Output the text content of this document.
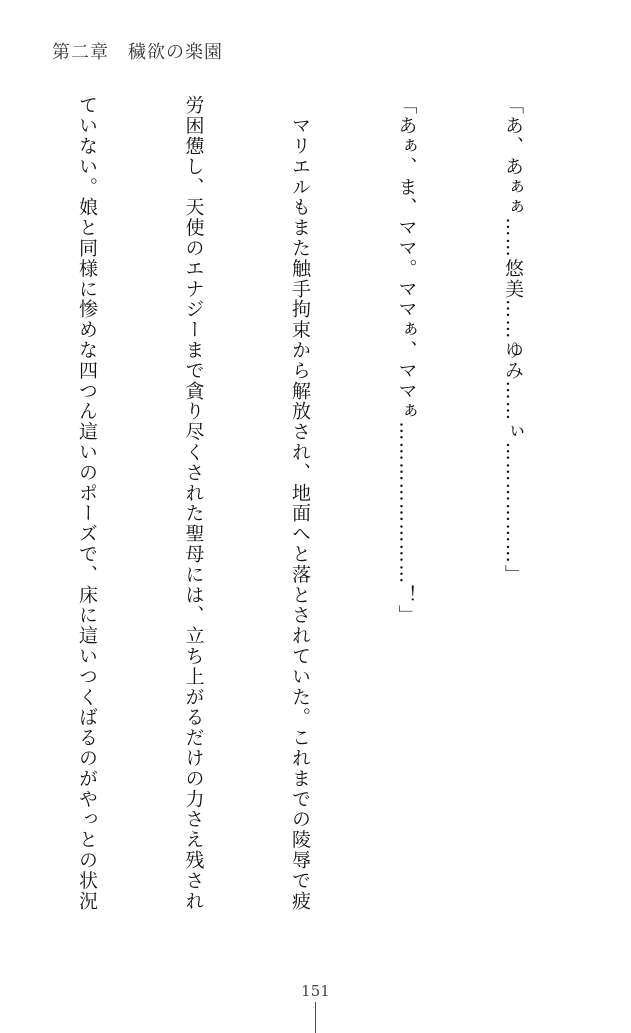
第二章　穢欲の楽園

「あ、あぁぁ……悠美……ゆみ……ぃ………………」

「あぁ、ま、ママ。ママぁ、ママぁ……………………！」

　マリエルもまた触手拘束から解放され、地面へと落とされていた。これまでの陵辱で疲

労困憊し、天使のエナジーまで貪り尽くされた聖母には、立ち上がるだけの力さえ残され

ていない。娘と同様に惨めな四つん這いのポーズで、床に這いつくばるのがやっとの状況

151
